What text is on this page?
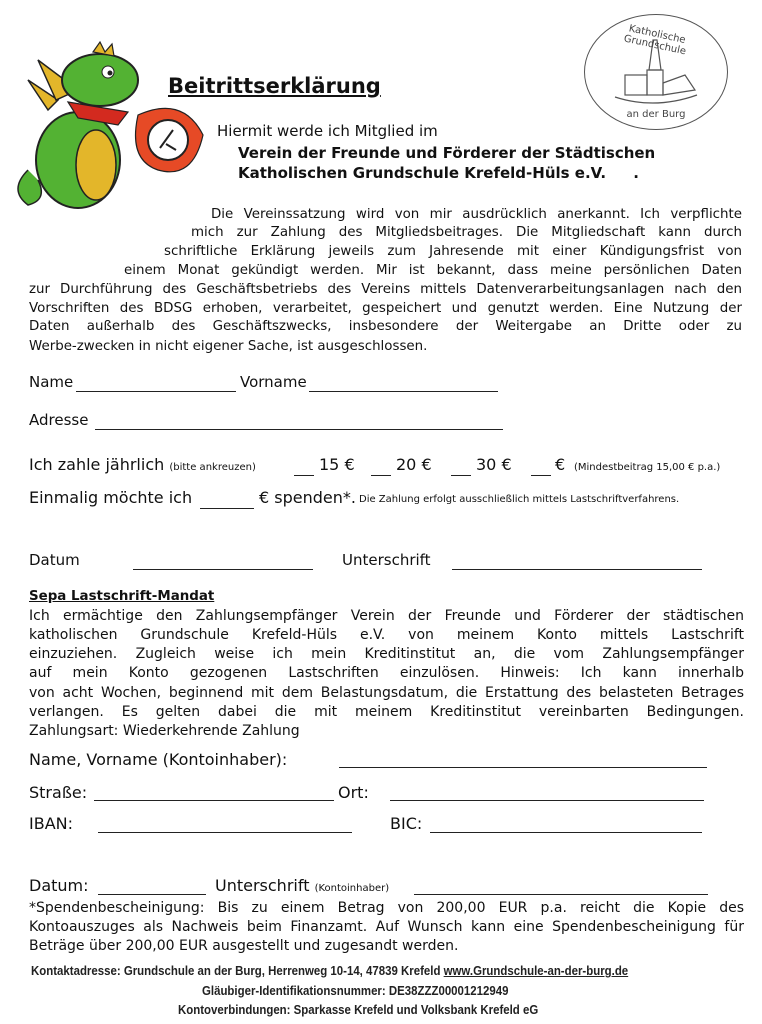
Katholische Grundschule
an der Burg
Beitrittserklärung
Hiermit werde ich Mitglied im
Verein der Freunde und Förderer der Städtischen
Katholischen Grundschule Krefeld-Hüls e.V. .
Die Vereinssatzung wird von mir ausdrücklich anerkannt. Ich verpflichte
mich zur Zahlung des Mitgliedsbeitrages. Die Mitgliedschaft kann durch
schriftliche Erklärung jeweils zum Jahresende mit einer Kündigungsfrist von
einem Monat gekündigt werden. Mir ist bekannt, dass meine persönlichen Daten
zur Durchführung des Geschäftsbetriebs des Vereins mittels Datenverarbeitungsanlagen nach den
Vorschriften des BDSG erhoben, verarbeitet, gespeichert und genutzt werden. Eine Nutzung der
Daten außerhalb des Geschäftszwecks, insbesondere der Weitergabe an Dritte oder zu
Werbe-zwecken in nicht eigener Sache, ist ausgeschlossen.
Name	Vorname
Adresse
Ich zahle jährlich (bitte ankreuzen)	15 €	20 €	30 €	€ (Mindestbeitrag 15,00 € p.a.)
Einmalig möchte ich	€ spenden*. Die Zahlung erfolgt ausschließlich mittels Lastschriftverfahrens.
Datum	Unterschrift
Sepa Lastschrift-Mandat
Ich ermächtige den Zahlungsempfänger Verein der Freunde und Förderer der städtischen
katholischen Grundschule Krefeld-Hüls e.V. von meinem Konto mittels Lastschrift
einzuziehen. Zugleich weise ich mein Kreditinstitut an, die vom Zahlungsempfänger
auf mein Konto gezogenen Lastschriften einzulösen. Hinweis: Ich kann innerhalb
von acht Wochen, beginnend mit dem Belastungsdatum, die Erstattung des belasteten Betrages
verlangen. Es gelten dabei die mit meinem Kreditinstitut vereinbarten Bedingungen.
Zahlungsart: Wiederkehrende Zahlung
Name, Vorname (Kontoinhaber):
Straße:	Ort:
IBAN:	BIC:
Datum:	Unterschrift (Kontoinhaber)
*Spendenbescheinigung: Bis zu einem Betrag von 200,00 EUR p.a. reicht die Kopie des
Kontoauszuges als Nachweis beim Finanzamt. Auf Wunsch kann eine Spendenbescheinigung für
Beträge über 200,00 EUR ausgestellt und zugesandt werden.
Kontaktadresse: Grundschule an der Burg, Herrenweg 10-14, 47839 Krefeld www.Grundschule-an-der-burg.de
Gläubiger-Identifikationsnummer: DE38ZZZ00001212949
Kontoverbindungen: Sparkasse Krefeld und Volksbank Krefeld eG
